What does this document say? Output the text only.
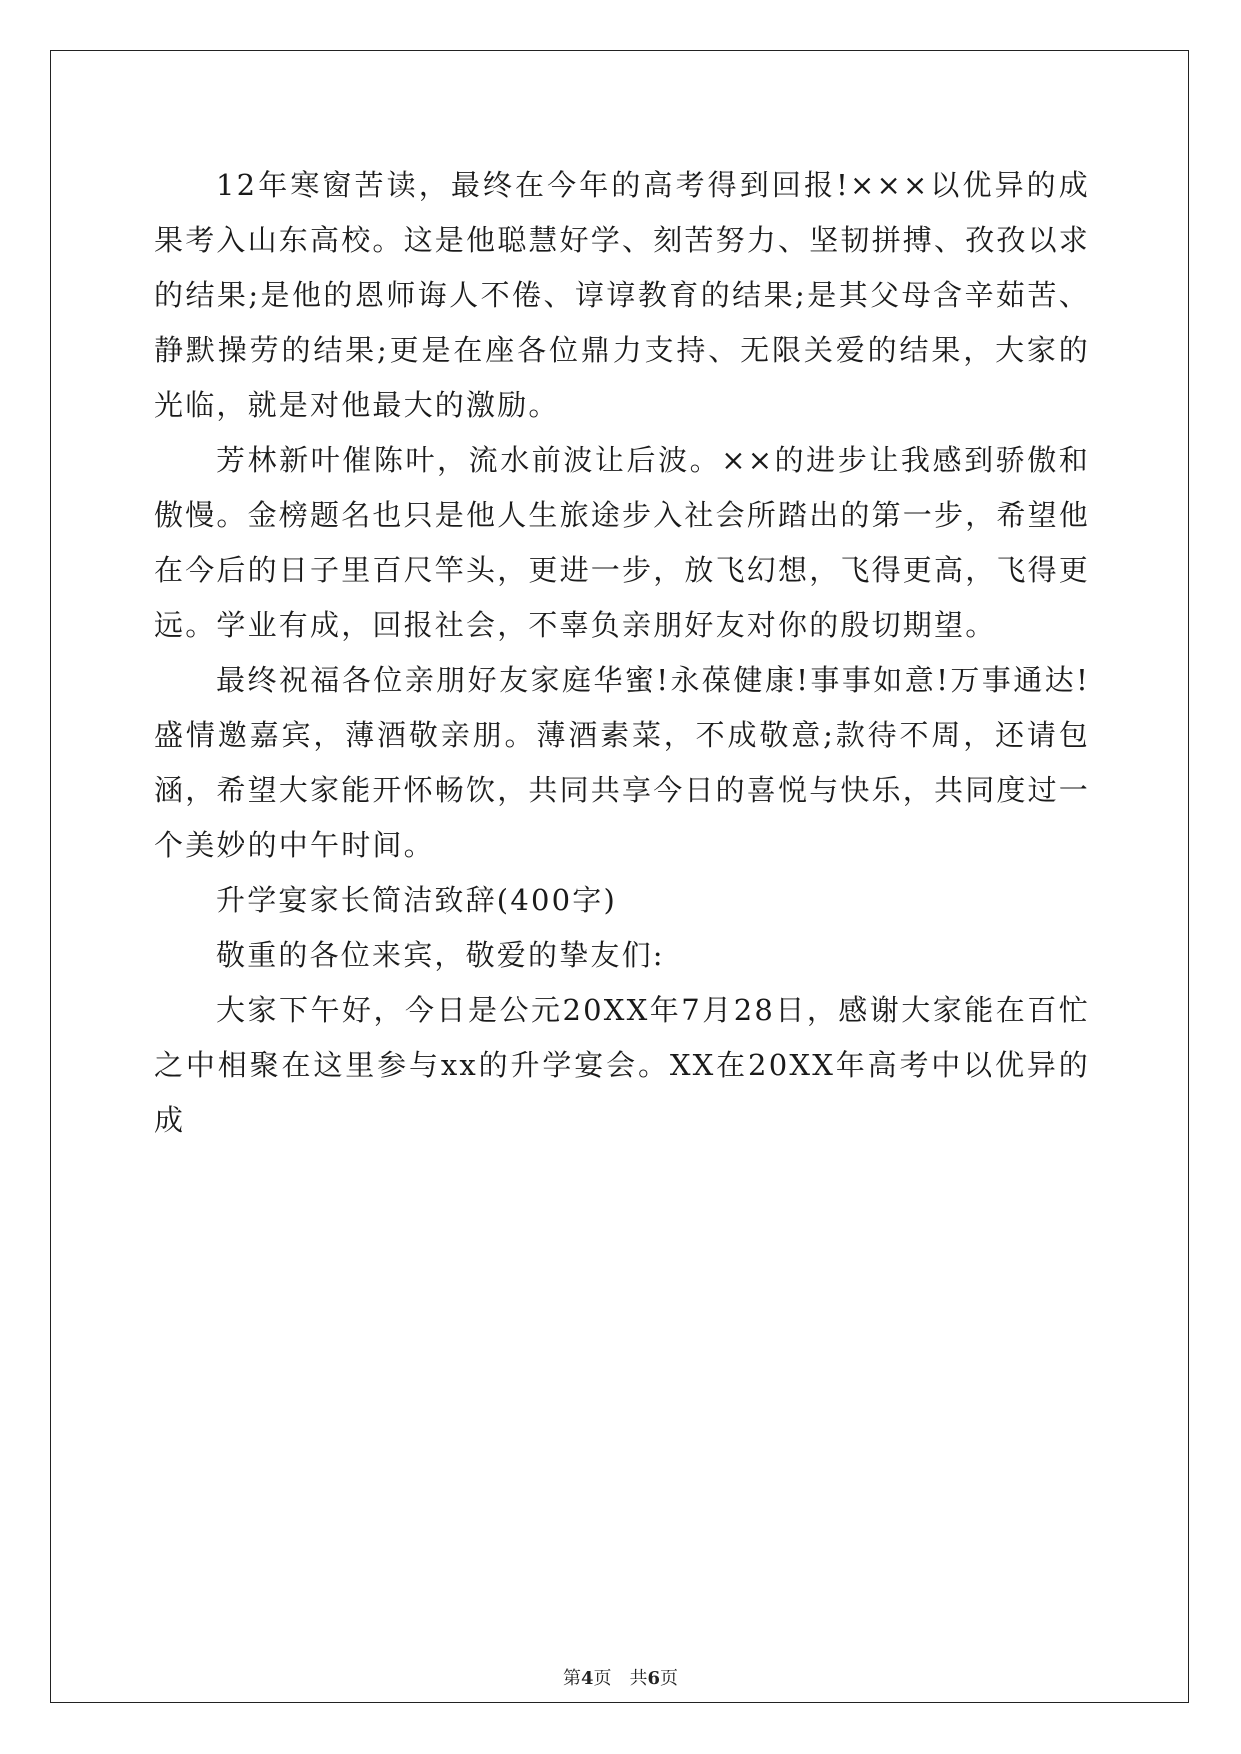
12年寒窗苦读，最终在今年的高考得到回报!×××以优异的成果考入山东高校。这是他聪慧好学、刻苦努力、坚韧拼搏、孜孜以求的结果;是他的恩师诲人不倦、谆谆教育的结果;是其父母含辛茹苦、静默操劳的结果;更是在座各位鼎力支持、无限关爱的结果，大家的光临，就是对他最大的激励。

芳林新叶催陈叶，流水前波让后波。××的进步让我感到骄傲和傲慢。金榜题名也只是他人生旅途步入社会所踏出的第一步，希望他在今后的日子里百尺竿头，更进一步，放飞幻想，飞得更高，飞得更远。学业有成，回报社会，不辜负亲朋好友对你的殷切期望。

最终祝福各位亲朋好友家庭华蜜!永葆健康!事事如意!万事通达!盛情邀嘉宾，薄酒敬亲朋。薄酒素菜，不成敬意;款待不周，还请包涵，希望大家能开怀畅饮，共同共享今日的喜悦与快乐，共同度过一个美妙的中午时间。

升学宴家长简洁致辞(400字)

敬重的各位来宾，敬爱的挚友们:

大家下午好，今日是公元20XX年7月28日，感谢大家能在百忙之中相聚在这里参与xx的升学宴会。XX在20XX年高考中以优异的成

第4页 共6页
